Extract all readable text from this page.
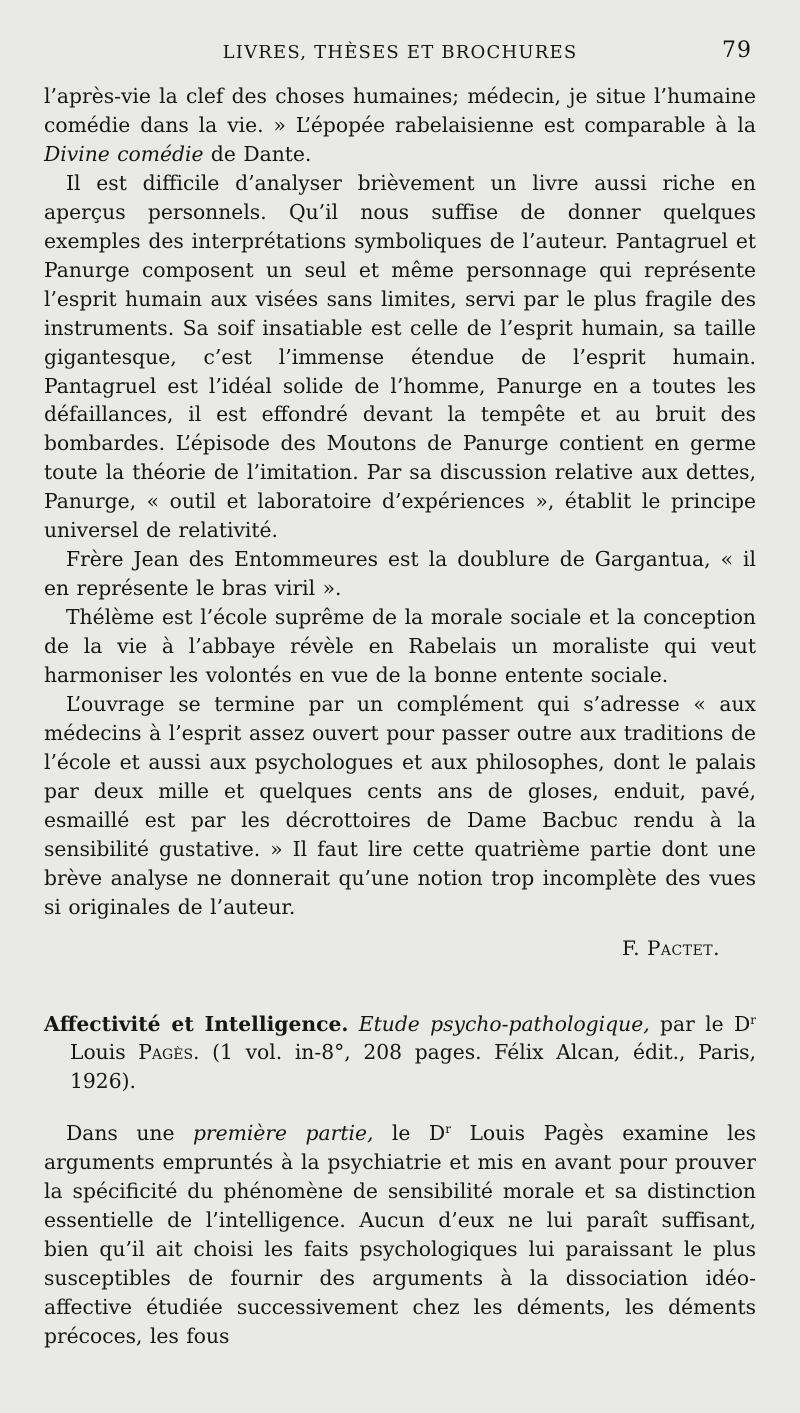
LIVRES, THÈSES ET BROCHURES	79

l’après-vie la clef des choses humaines; médecin, je situe l’humaine comédie dans la vie. » L’épopée rabelaisienne est comparable à la Divine comédie de Dante.

Il est difficile d’analyser brièvement un livre aussi riche en aperçus personnels. Qu’il nous suffise de donner quelques exemples des interprétations symboliques de l’auteur. Pantagruel et Panurge composent un seul et même personnage qui représente l’esprit humain aux visées sans limites, servi par le plus fragile des instruments. Sa soif insatiable est celle de l’esprit humain, sa taille gigantesque, c’est l’immense étendue de l’esprit humain. Pantagruel est l’idéal solide de l’homme, Panurge en a toutes les défaillances, il est effondré devant la tempête et au bruit des bombardes. L’épisode des Moutons de Panurge contient en germe toute la théorie de l’imitation. Par sa discussion relative aux dettes, Panurge, « outil et laboratoire d’expériences », établit le principe universel de relativité.

Frère Jean des Entommeures est la doublure de Gargantua, « il en représente le bras viril ».

Thélème est l’école suprême de la morale sociale et la conception de la vie à l’abbaye révèle en Rabelais un moraliste qui veut harmoniser les volontés en vue de la bonne entente sociale.

L’ouvrage se termine par un complément qui s’adresse « aux médecins à l’esprit assez ouvert pour passer outre aux traditions de l’école et aussi aux psychologues et aux philosophes, dont le palais par deux mille et quelques cents ans de gloses, enduit, pavé, esmaillé est par les décrottoires de Dame Bacbuc rendu à la sensibilité gustative. » Il faut lire cette quatrième partie dont une brève analyse ne donnerait qu’une notion trop incomplète des vues si originales de l’auteur.

F. Pactet.
Affectivité et Intelligence. Etude psycho-pathologique, par le $D^r$ Louis Pagès. (1 vol. in-8°, 208 pages. Félix Alcan, édit., Paris, 1926).

Dans une première partie, le $D^r$ Louis Pagès examine les arguments empruntés à la psychiatrie et mis en avant pour prouver la spécificité du phénomène de sensibilité morale et sa distinction essentielle de l’intelligence. Aucun d’eux ne lui paraît suffisant, bien qu’il ait choisi les faits psychologiques lui paraissant le plus susceptibles de fournir des arguments à la dissociation idéo-affective étudiée successivement chez les déments, les déments précoces, les fous
